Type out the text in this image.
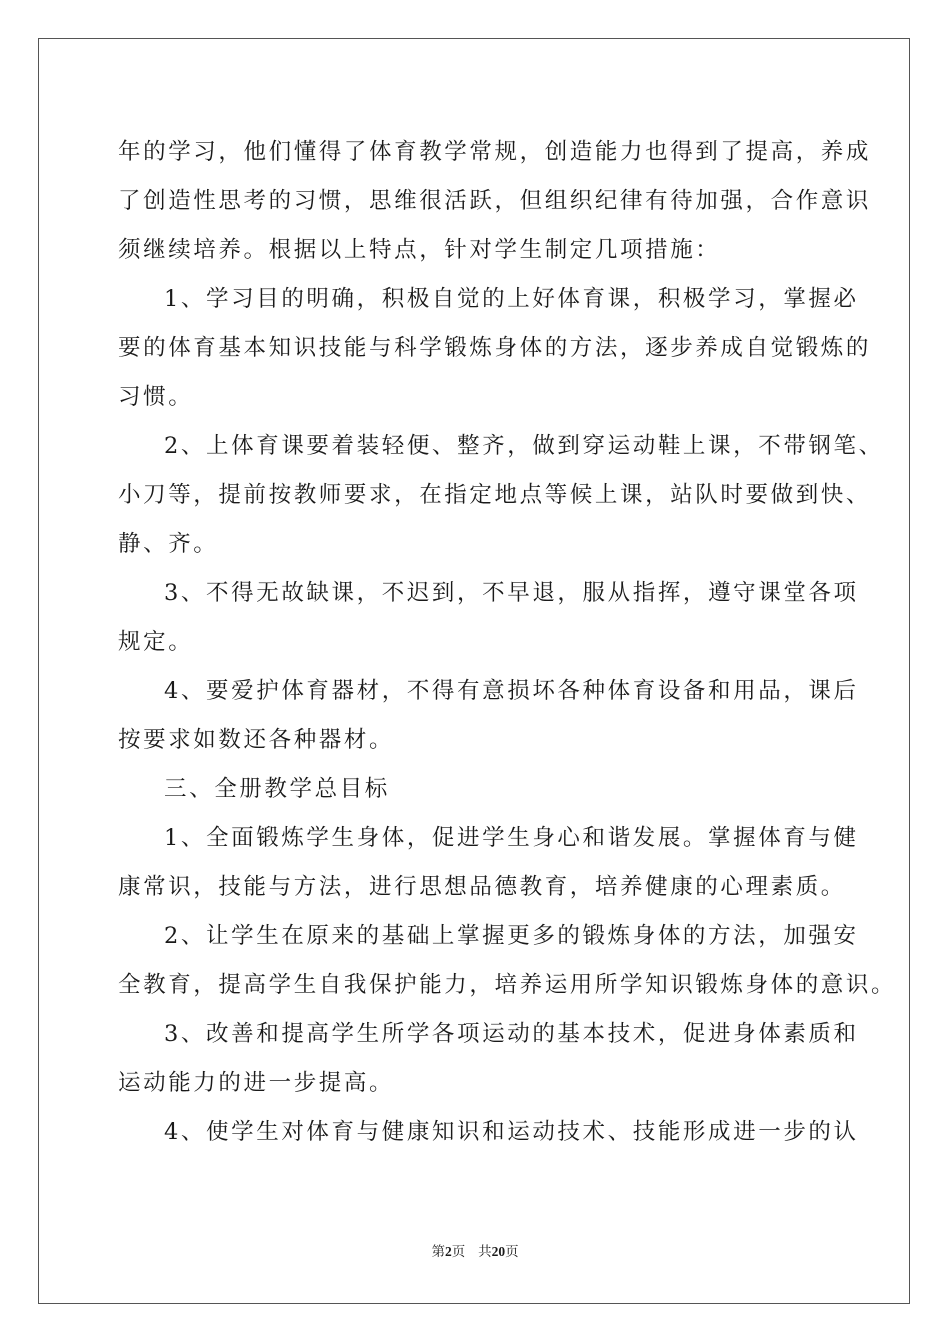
年的学习，他们懂得了体育教学常规，创造能力也得到了提高，养成
了创造性思考的习惯，思维很活跃，但组织纪律有待加强，合作意识
须继续培养。根据以上特点，针对学生制定几项措施：
1、学习目的明确，积极自觉的上好体育课，积极学习，掌握必
要的体育基本知识技能与科学锻炼身体的方法，逐步养成自觉锻炼的
习惯。
2、上体育课要着装轻便、整齐，做到穿运动鞋上课，不带钢笔、
小刀等，提前按教师要求，在指定地点等候上课，站队时要做到快、
静、齐。
3、不得无故缺课，不迟到，不早退，服从指挥，遵守课堂各项
规定。
4、要爱护体育器材，不得有意损坏各种体育设备和用品，课后
按要求如数还各种器材。
三、全册教学总目标
1、全面锻炼学生身体，促进学生身心和谐发展。掌握体育与健
康常识，技能与方法，进行思想品德教育，培养健康的心理素质。
2、让学生在原来的基础上掌握更多的锻炼身体的方法，加强安
全教育，提高学生自我保护能力，培养运用所学知识锻炼身体的意识。
3、改善和提高学生所学各项运动的基本技术，促进身体素质和
运动能力的进一步提高。
4、使学生对体育与健康知识和运动技术、技能形成进一步的认
第2页 共20页
